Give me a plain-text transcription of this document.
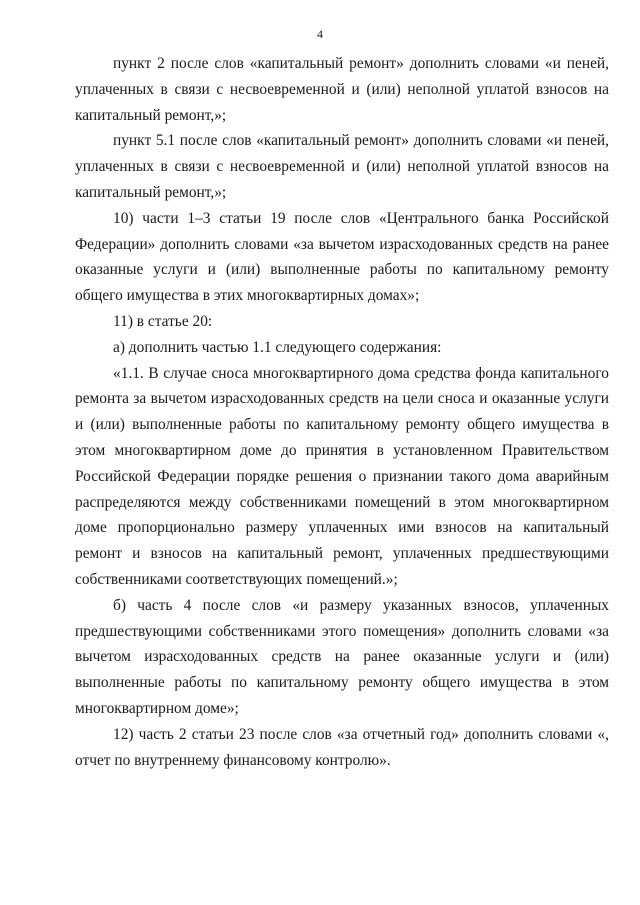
4

пункт 2 после слов «капитальный ремонт» дополнить словами «и пеней, уплаченных в связи с несвоевременной и (или) неполной уплатой взносов на капитальный ремонт,»;

пункт 5.1 после слов «капитальный ремонт» дополнить словами «и пеней, уплаченных в связи с несвоевременной и (или) неполной уплатой взносов на капитальный ремонт,»;

10) части 1–3 статьи 19 после слов «Центрального банка Российской Федерации» дополнить словами «за вычетом израсходованных средств на ранее оказанные услуги и (или) выполненные работы по капитальному ремонту общего имущества в этих многоквартирных домах»;

11) в статье 20:

а) дополнить частью 1.1 следующего содержания:

«1.1. В случае сноса многоквартирного дома средства фонда капитального ремонта за вычетом израсходованных средств на цели сноса и оказанные услуги и (или) выполненные работы по капитальному ремонту общего имущества в этом многоквартирном доме до принятия в установленном Правительством Российской Федерации порядке решения о признании такого дома аварийным распределяются между собственниками помещений в этом многоквартирном доме пропорционально размеру уплаченных ими взносов на капитальный ремонт и взносов на капитальный ремонт, уплаченных предшествующими собственниками соответствующих помещений.»;

б) часть 4 после слов «и размеру указанных взносов, уплаченных предшествующими собственниками этого помещения» дополнить словами «за вычетом израсходованных средств на ранее оказанные услуги и (или) выполненные работы по капитальному ремонту общего имущества в этом многоквартирном доме»;

12) часть 2 статьи 23 после слов «за отчетный год» дополнить словами «, отчет по внутреннему финансовому контролю».
